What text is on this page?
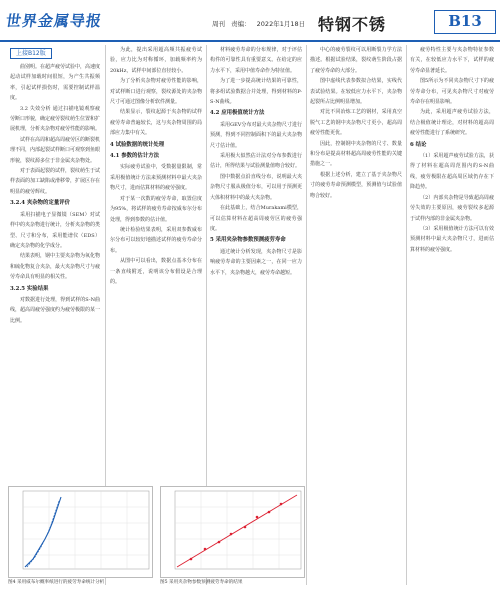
世界金属导报	周刊 责编： 2022年1月18日 特钢不锈	B13

曲别明。在超声疲劳试验中，高速度起动试样加载时间很短，为产生共振频率，引起试样损伤时，需要控制试样温度。

3.2 失效分析 通过扫描电镜观察疲劳断口形貌，确定疲劳裂纹萌生位置和扩展机理，分析夹杂物对疲劳性能的影响。

试样在高周和超高周疲劳区的断裂机理不同，内部起裂试样断口可观察到鱼眼形貌，裂纹源多位于非金属夹杂物处。

对于表面起裂的试样，裂纹萌生于试样表面的加工缺陷或滑移带，扩展区存在明显的疲劳辉纹。

3.2.4 夹杂物的定量评价

采用扫描电子显微镜（SEM）对试样中的夹杂物进行统计，分析夹杂物的类型、尺寸和分布，采用能谱仪（EDS）确定夹杂物的化学成分。

结果表明，钢中主要夹杂物为氧化物和硫化物复合夹杂，最大夹杂物尺寸与疲劳寿命具有明显的相关性。

3.2.5 实验结果

对数据进行处理，得到试样的S-N曲线，超高周疲劳强度约为疲劳极限的某一比例。

上接B12版	为此，提出采用超高频共振疲劳试验，应力比为对称循环，加载频率约为20kHz，试样中间部位直径较小。

为了分析夹杂物对疲劳性能的影响，对试样断口进行观察，裂纹源处的夹杂物尺寸可通过图像分析软件测量。

结果显示，裂纹起源于夹杂物的试样疲劳寿命普遍较长，这与夹杂物周围的局部应力集中有关。

4 试验数据的统计处理
4.1 参数的估计方法

实际疲劳试验中，受数据量限制，常采用极值统计方法来预测材料中最大夹杂物尺寸，进而估算材料的疲劳强度。

对于某一次数的疲劳寿命，取置信度为95%，将试样的疲劳寿命按威布尔分布处理，得到参数的估计值。

统计检验结果表明，采用双参数威布尔分布可以较好地描述试样的疲劳寿命分布。

从图中可以看出，数据点基本分布在一条直线附近，说明该分布假设是合理的。

材料疲劳寿命的分布规律，对于评估构件的可靠性具有重要意义。在给定的应力水平下，采用中值寿命作为特征值。

为了进一步提高统计结果的可靠性，将多组试验数据合并处理，得到材料的P-S-N曲线。

4.2 应用极值统计方法

采用GEV分布对最大夹杂物尺寸进行预测，得到不同控制面积下的最大夹杂物尺寸估计值。

采用极大似然估计法对分布参数进行估计，所得结果与试验测量值吻合较好。

图中数据点沿直线分布，说明最大夹杂物尺寸服从极值分布，可以用于预测更大体积材料中的最大夹杂物。

在此基础上，结合Murakami模型，可以估算材料在超高周疲劳区的疲劳强度。

5 采用夹杂物参数预测疲劳寿命

通过统计分析发现，夹杂物尺寸是影响疲劳寿命的主要因素之一，在同一应力水平下，夹杂物越大，疲劳寿命越短。

中心的疲劳裂纹可以用断裂力学方法描述。根据试验结果，裂纹萌生阶段占据了疲劳寿命的大部分。

图中虚线代表参数拟合结果，实线代表试验结果。在较低应力水平下，夹杂物起裂所占比例明显增加。

对比不同冶炼工艺的钢材，采用真空脱气工艺的钢中夹杂物尺寸更小，超高周疲劳性能更优。

因此，控制钢中夹杂物的尺寸、数量和分布是提高材料超高周疲劳性能的关键措施之一。

根据上述分析，建立了基于夹杂物尺寸的疲劳寿命预测模型，预测值与试验值吻合较好。

疲劳特性主要与夹杂物特征参数有关，在较低应力水平下，试样的疲劳寿命显著延长。

图5所示为不同夹杂物尺寸下的疲劳寿命分布，可见夹杂物尺寸对疲劳寿命存在明显影响。

为此，采用超声疲劳试验方法，结合极值统计理论，对材料的超高周疲劳性能进行了系统研究。

6 结论

（1）采用超声疲劳试验方法，获得了材料在超高周范围内的S-N曲线，疲劳极限在超高周区域仍存在下降趋势。

（2）内部夹杂物是导致超高周疲劳失效的主要原因，疲劳裂纹多起源于试样内部的非金属夹杂物。

（3）采用极值统计方法可以有效预测材料中最大夹杂物尺寸，进而估算材料的疲劳强度。

图4 采用威布尔概率纸进行的疲劳寿命统计分析	图5 采用夹杂物参数预测疲劳寿命的结果
